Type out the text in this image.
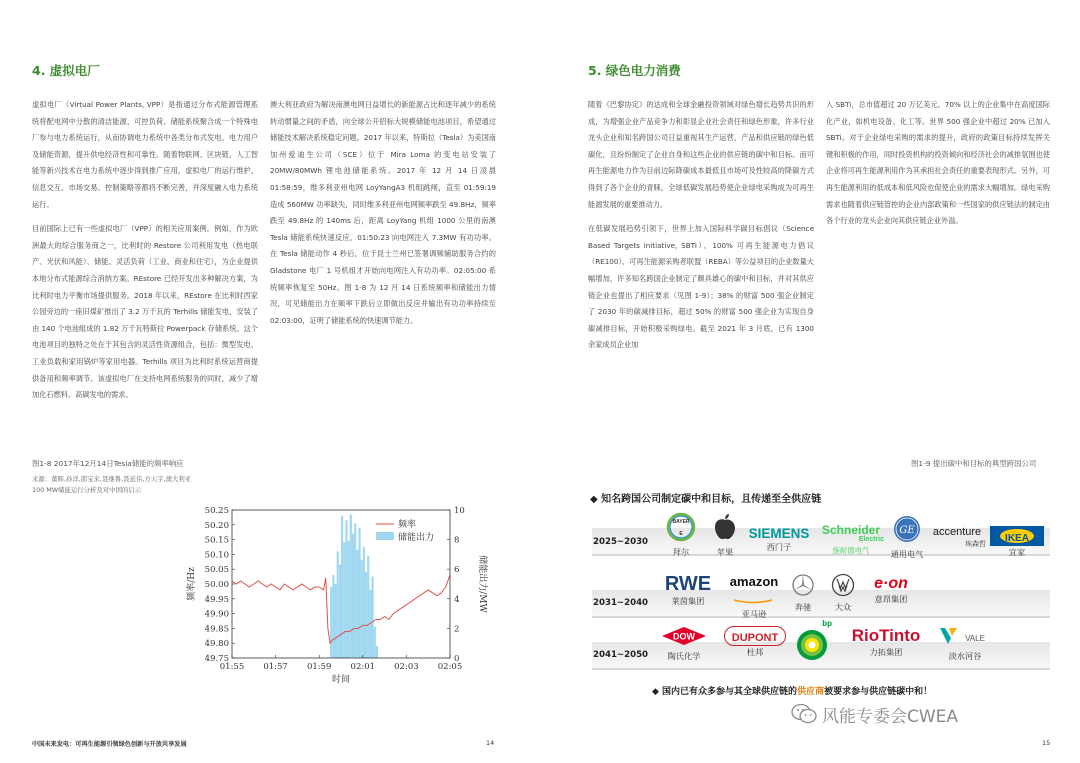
4. 虚拟电厂

虚拟电厂（Virtual Power Plants, VPP）是指通过分布式能源管理系统将配电网中分散的清洁能源、可控负荷、储能系统聚合成一个特殊电厂参与电力系统运行，从而协调电力系统中各类分布式发电、电力用户及储能资源，提升供电经济性和可靠性。随着物联网、区块链、人工智能等新兴技术在电力系统中逐步得到推广应用，虚拟电厂的运行维护、信息交互、市场交易、控制策略等都将不断完善，并深度融入电力系统运行。

目前国际上已有一些虚拟电厂（VPP）的相关应用案例。例如，作为欧洲最大的综合服务商之一，比利时的 Restore 公司利用发电（热电联产、光伏和风能）、储能、灵活负荷（工业、商业和住宅），为企业提供本地分布式能源综合消纳方案。REstore 已经开发出多种解决方案，为比利时电力平衡市场提供服务。2018 年以来，REstore 在比利时西家公园旁边的一座旧煤矿推出了 3.2 万千瓦的 Terhills 储能发电，安装了由 140 个电池组成的 1.82 万千瓦特斯拉 Powerpack 存储系统。这个电池项目的独特之处在于其包含的灵活性资源组合，包括：微型发电、工业负载和家用锅炉等家用电器。Terhills 项目为比利时系统运营商提供备用和频率调节。该虚拟电厂在支持电网系统服务的同时，减少了增加化石燃料、高碳发电的需求。

澳大利亚政府为解决南澳电网日益增长的新能源占比和逐年减少的系统转动惯量之间的矛盾，向全球公开招标大规模储能电池项目，希望通过储能技术解决系统稳定问题。2017 年以来，特斯拉（Tesla）为美国南加州爱迪生公司（SCE）位于 Mira Loma 的变电站安装了 20MW/80MWh 锂电池储能系统。2017 年 12 月 14 日凌晨 01:58:59，维多利亚州电网 LoyYangA3 机组跳闸，直至 01:59:19 造成 560MW 功率缺失，同时维多利亚州电网频率跌至 49.8Hz，频率跌至 49.8Hz 的 140ms 后，距离 LoyYang 机组 1000 公里的南澳 Tesla 储能系统快速反应，01:50:23 向电网注入 7.3MW 有功功率。在 Tesla 储能动作 4 秒后，位于昆士兰州已签署调频辅助服务合约的 Gladstone 电厂 1 号机组才开始向电网注入有功功率。02:05:00 系统频率恢复至 50Hz。图 1-8 为 12 月 14 日系统频率和储能出力情况，可见储能出力在频率下跌后立即做出反应并输出有功功率持续至 02:03:00，证明了储能系统的快速调节能力。

图1-8 2017年12月14日Tesla储能的频率响应
来源：董辉,孙洋,邵宝来,聂继鲁,聂延伟,方天宇,澳大利亚100 MW储能运行分析及对中国的启示
49.75
49.80
49.85
49.90
49.95
50.00
50.05
50.10
50.15
50.20
50.25
0
2
4
6
8
10
01:55 01:57 01:59 02:01 02:03 02:05
时间
频率/Hz	储能出力/MW
频率
储能出力
中国未来发电：可再生能源引领绿色创新与开放共享发展	14
5. 绿色电力消费

随着《巴黎协定》的达成和全球金融投资领域对绿色增长趋势共识的形成，为增强企业产品竞争力和彰显企业社会责任和绿色形象，许多行业龙头企业和知名跨国公司日益重视其生产运营、产品和供应链的绿色低碳化，且纷纷制定了企业自身和这些企业的供应链的碳中和目标。而可再生能源电力作为目前边际降碳成本最低且市场可及性较高的降碳方式得到了各个企业的青睐，全球低碳发展趋势使企业绿电采购成为可再生能源发展的重要推动力。

在低碳发展趋势引领下，世界上加入国际科学碳目标倡议（Science Based Targets initiative, SBTi）、100% 可再生能源电力倡议（RE100）、可再生能源采购者联盟（REBA）等公益项目的企业数量大幅增加，许多知名跨国企业制定了颇具雄心的碳中和目标，并对其供应链企业也提出了相应要求（见图 1-9）；38% 的财富 500 强企业制定了 2030 年的碳减排目标，超过 50% 的财富 500 强企业为实现自身碳减排目标，开始积极采购绿电。截至 2021 年 3 月底，已有 1300 余家成员企业加

入 SBTi，总市值超过 20 万亿美元。70% 以上的企业集中在高度国际化产业，如机电设备、化工等。世界 500 强企业中超过 20% 已加入 SBTi。对于企业绿电采购的需求的提升，政府的政策目标持续发挥关键和积极的作用，同时投资机构的投资倾向和经济社会的减排氛围也使企业将可再生能源利用作为其承担社会责任的重要表现形式。另外，可再生能源利用的低成本和低风险也促使企业的需求大幅增加。绿电采购需求也随着供应链管控的企业内部政策和一些国家的供应链法的制定由各个行业的龙头企业向其供应链企业外溢。

图1-9 提出碳中和目标的典型跨国公司
15
◆ 知名跨国公司制定碳中和目标，且传递至全供应链
2025~2030
2031~2040
2041~2050
BAYER
E
拜尔	苹果
SIEMENS
西门子
Schneider
Electric
施耐德电气
GE
通用电气
accenture
埃森哲	IKEA
宜家
RWE
莱茵集团
amazon
亚马逊
奔驰
VW
大众
e·on
意昂集团
DOW
陶氏化学
DUPONT
杜邦
bp
RioTinto
力拓集团
VALE
淡水河谷
◆ 国内已有众多参与其全球供应链的供应商被要求参与供应链碳中和！
风能专委会CWEA
